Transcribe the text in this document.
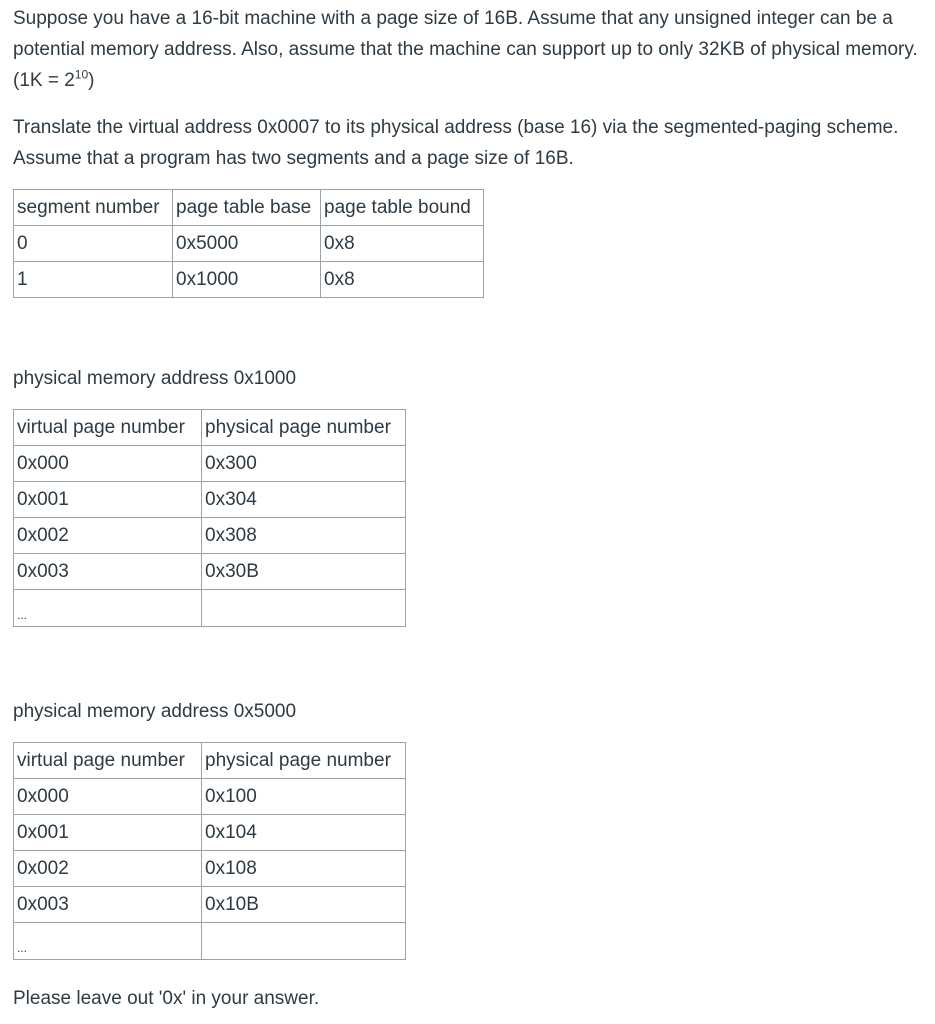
Suppose you have a 16-bit machine with a page size of 16B. Assume that any unsigned integer can be a potential memory address. Also, assume that the machine can support up to only 32KB of physical memory. $(1K = 2^{10})$

Translate the virtual address 0x0007 to its physical address (base 16) via the segmented-paging scheme. Assume that a program has two segments and a page size of 16B.

segment number	page table base	page table bound
0	0x5000	0x8
1	0x1000	0x8

physical memory address 0x1000

virtual page number	physical page number
0x000	0x300
0x001	0x304
0x002	0x308
0x003	0x30B
$_{...}$	

physical memory address 0x5000

virtual page number	physical page number
0x000	0x100
0x001	0x104
0x002	0x108
0x003	0x10B
$_{...}$	

Please leave out '0x' in your answer.
